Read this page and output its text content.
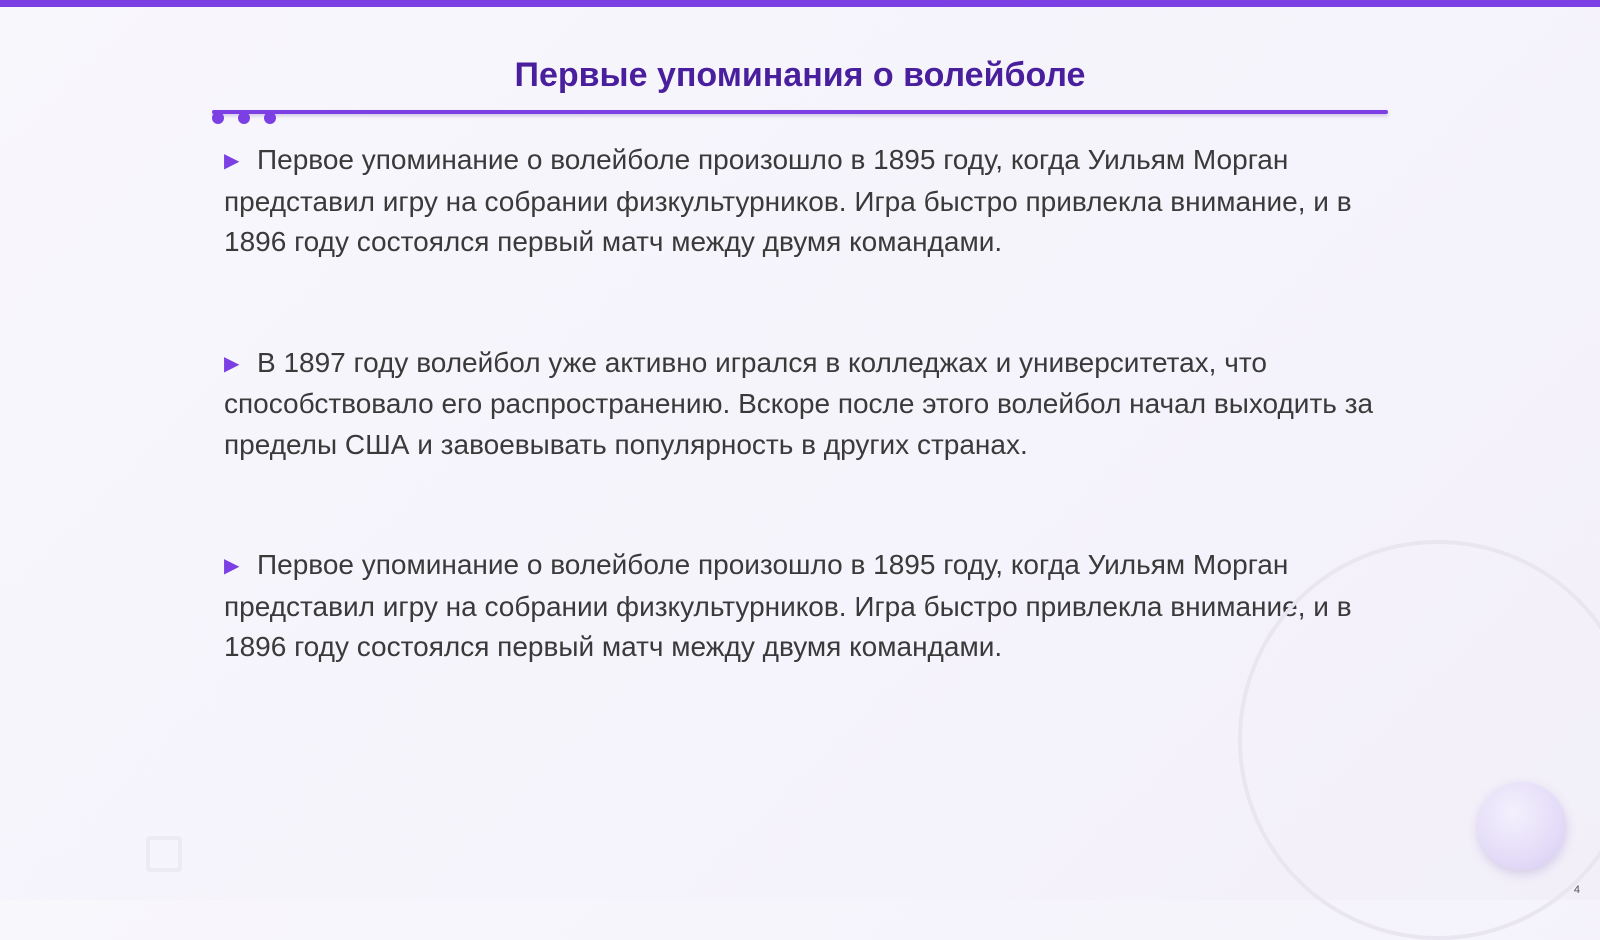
Первые упоминания о волейболе

▶ Первое упоминание о волейболе произошло в 1895 году, когда Уильям Морган представил игру на собрании физкультурников. Игра быстро привлекла внимание, и в 1896 году состоялся первый матч между двумя командами.

▶ В 1897 году волейбол уже активно игрался в колледжах и университетах, что способствовало его распространению. Вскоре после этого волейбол начал выходить за пределы США и завоевывать популярность в других странах.

▶ Первое упоминание о волейболе произошло в 1895 году, когда Уильям Морган представил игру на собрании физкультурников. Игра быстро привлекла внимание, и в 1896 году состоялся первый матч между двумя командами.

4
